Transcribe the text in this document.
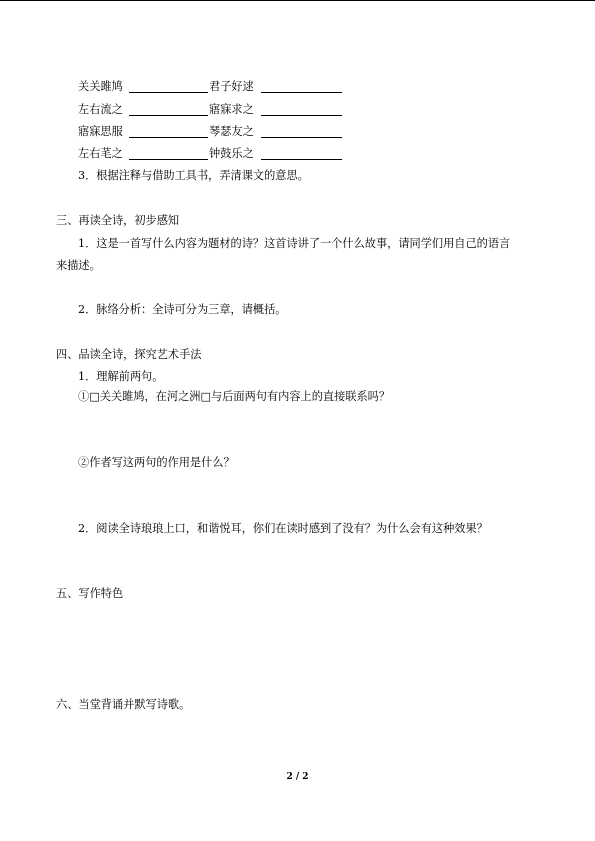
关关雎鸠	君子好逑
左右流之	寤寐求之
寤寐思服	琴瑟友之
左右芼之	钟鼓乐之
3．根据注释与借助工具书，弄清课文的意思。
三、再读全诗，初步感知
1．这是一首写什么内容为题材的诗？这首诗讲了一个什么故事，请同学们用自己的语言
来描述。
2．脉络分析：全诗可分为三章，请概括。
四、品读全诗，探究艺术手法
1．理解前两句。
①□关关雎鸠，在河之洲□与后面两句有内容上的直接联系吗？
②作者写这两句的作用是什么？
2．阅读全诗琅琅上口，和谐悦耳，你们在读时感到了没有？为什么会有这种效果？
五、写作特色
六、当堂背诵并默写诗歌。
2 / 2
